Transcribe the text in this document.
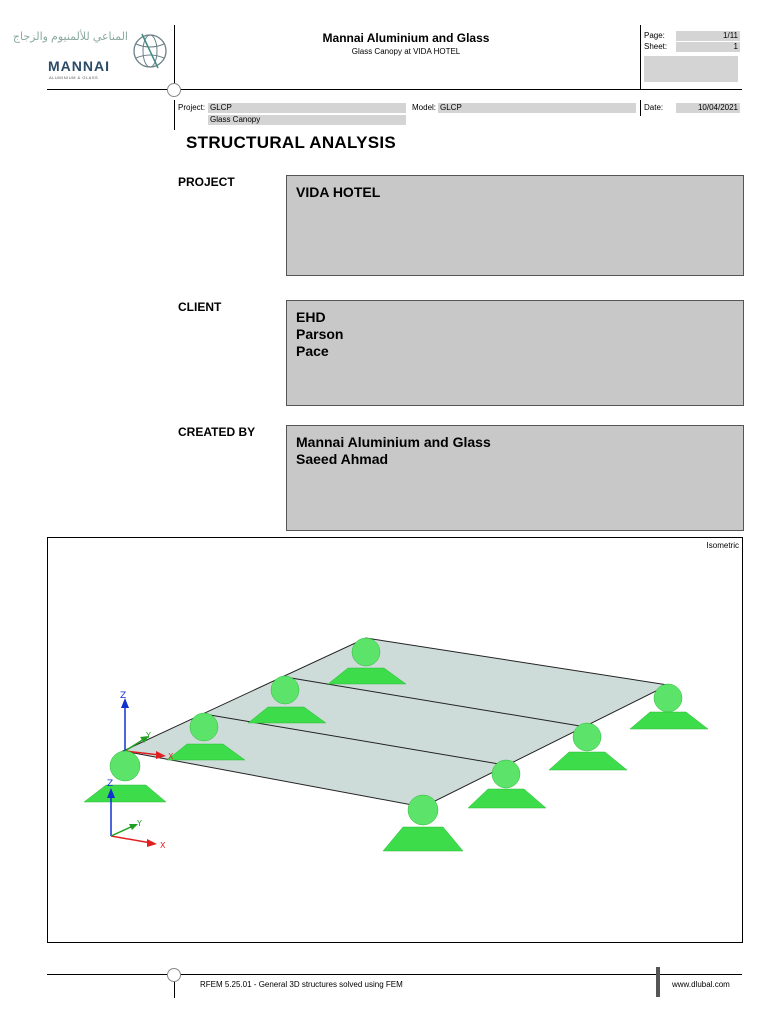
المناعي للألمنيوم والزجاج
MANNAI
ALUMINIUM & GLASS
Mannai Aluminium and Glass
Glass Canopy at VIDA HOTEL
Page:	1/11
Sheet:	1
Project: GLCP
Glass Canopy
Model: GLCP	Date:	10/04/2021
STRUCTURAL ANALYSIS
PROJECT
VIDA HOTEL
CLIENT
EHD
Parson
Pace
CREATED BY
Mannai Aluminium and Glass
Saeed Ahmad
Isometric
Z
X
Y
Z
X
Y
RFEM 5.25.01 - General 3D structures solved using FEM	www.dlubal.com
